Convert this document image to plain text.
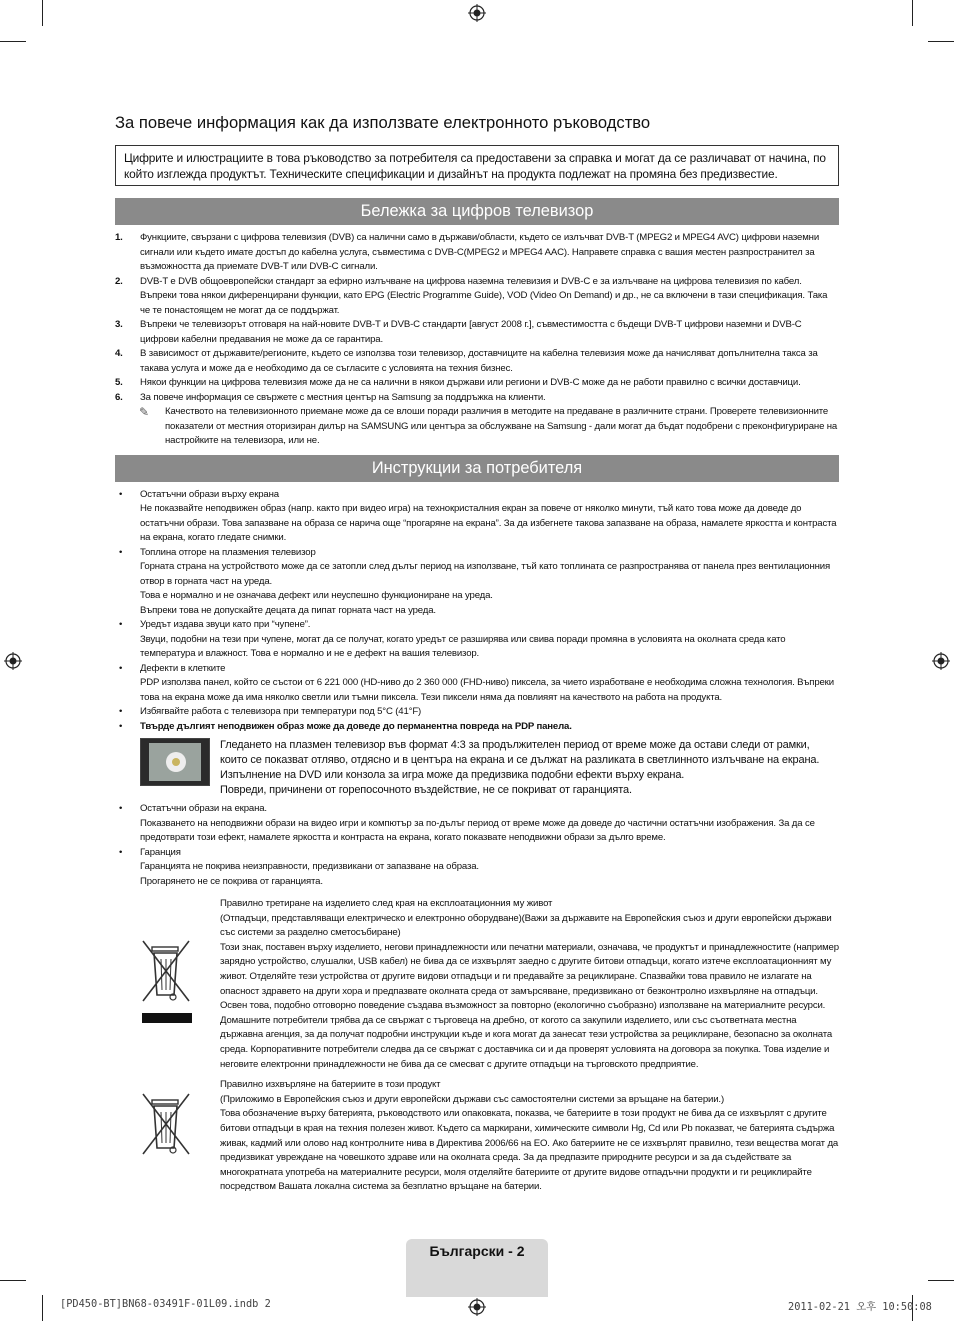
За повече информация как да използвате електронното ръководство
Цифрите и илюстрациите в това ръководство за потребителя са предоставени за справка и могат да се различават от начина, по който изглежда продуктът. Техническите спецификации и дизайнът на продукта подлежат на промяна без предизвестие.
Бележка за цифров телевизор
1. Функциите, свързани с цифрова телевизия (DVB) са налични само в държави/области, където се излъчват DVB-T (MPEG2 и MPEG4 AVC) цифрови наземни сигнали или където имате достъп до кабелна услуга, съвместима с DVB-C(MPEG2 и MPEG4 AAC). Направете справка с вашия местен разпространител за възможността да приемате DVB-T или DVB-C сигнали.
2. DVB-T е DVB общоевропейски стандарт за ефирно излъчване на цифрова наземна телевизия и DVB-C е за излъчване на цифрова телевизия по кабел. Въпреки това някои диференцирани функции, като EPG (Electric Programme Guide), VOD (Video On Demand) и др., не са включени в тази спецификация. Така че те понастоящем не могат да се поддържат.
3. Въпреки че телевизорът отговаря на най-новите DVB-T и DVB-C стандарти [август 2008 г.], съвместимостта с бъдещи DVB-T цифрови наземни и DVB-C цифрови кабелни предавания не може да се гарантира.
4. В зависимост от държавите/регионите, където се използва този телевизор, доставчиците на кабелна телевизия може да начисляват допълнителна такса за такава услуга и може да е необходимо да се съгласите с условията на техния бизнес.
5. Някои функции на цифрова телевизия може да не са налични в някои държави или региони и DVB-C може да не работи правилно с всички доставчици.
6. За повече информация се свържете с местния център на Samsung за поддръжка на клиенти.
✎ Качеството на телевизионното приемане може да се влоши поради различия в методите на предаване в различните страни. Проверете телевизионните показатели от местния оторизиран дилър на SAMSUNG или центъра за обслужване на Samsung - дали могат да бъдат подобрени с преконфигуриране на настройките на телевизора, или не.
Инструкции за потребителя
• Остатъчни образи върху екрана
Не показвайте неподвижен образ (напр. както при видео игра) на технокристалния екран за повече от няколко минути, тъй като това може да доведе до остатъчни образи. Това запазване на образа се нарича още “прогаряне на екрана”. За да избегнете такова запазване на образа, намалете яркостта и контраста на екрана, когато гледате снимки.
• Топлина отгоре на плазмения телевизор
Горната страна на устройството може да се затопли след дълъг период на използване, тъй като топлината се разпространява от панела през вентилационния отвор в горната част на уреда.
Това е нормално и не означава дефект или неуспешно функциониране на уреда.
Въпреки това не допускайте децата да пипат горната част на уреда.
• Уредът издава звуци като при “чупене”.
Звуци, подобни на тези при чупене, могат да се получат, когато уредът се разширява или свива поради промяна в условията на околната среда като температура и влажност. Това е нормално и не е дефект на вашия телевизор.
• Дефекти в клетките
PDP използва панел, който се състои от 6 221 000 (HD-ниво до 2 360 000 (FHD-ниво) пиксела, за чието изработване е необходима сложна технология. Въпреки това на екрана може да има няколко светли или тъмни пиксела. Тези пиксели няма да повлияят на качеството на работа на продукта.
• Избягвайте работа с телевизора при температури под 5°C (41°F)
• Твърде дългият неподвижен образ може да доведе до перманентна повреда на PDP панела.
Гледането на плазмен телевизор във формат 4:3 за продължителен период от време може да остави следи от рамки, които се показват отляво, отдясно и в центъра на екрана и се дължат на разликата в светлинното излъчване на екрана. Изпълнение на DVD или конзола за игра може да предизвика подобни ефекти върху екрана.
Повреди, причинени от горепосочното въздействие, не се покриват от гаранцията.
• Остатъчни образи на екрана.
Показването на неподвижни образи на видео игри и компютър за по-дълъг период от време може да доведе до частични остатъчни изображения. За да се предотврати този ефект, намалете яркостта и контраста на екрана, когато показвате неподвижни образи за дълго време.
• Гаранция
Гаранцията не покрива неизправности, предизвикани от запазване на образа.
Прогарянето не се покрива от гаранцията.
Правилно третиране на изделието след края на експлоатационния му живот
(Отпадъци, представляващи електрическо и електронно оборудване)(Важи за държавите на Европейския съюз и други европейски държави със системи за разделно сметосъбиране)
Този знак, поставен върху изделието, негови принадлежности или печатни материали, означава, че продуктът и принадлежностите (например зарядно устройство, слушалки, USB кабел) не бива да се изхвърлят заедно с другите битови отпадъци, когато изтече експлоатационният му живот. Отделяйте тези устройства от другите видови отпадъци и ги предавайте за рециклиране. Спазвайки това правило не излагате на опасност здравето на други хора и предпазвате околната среда от замърсяване, предизвикано от безконтролно изхвърляне на отпадъци. Освен това, подобно отговорно поведение създава възможност за повторно (екологично съобразно) използване на материалните ресурси. Домашните потребители трябва да се свържат с търговеца на дребно, от когото са закупили изделието, или със съответната местна държавна агенция, за да получат подробни инструкции къде и кога могат да занесат тези устройства за рециклиране, безопасно за околната среда. Корпоративните потребители следва да се свържат с доставчика си и да проверят условията на договора за покупка. Това изделие и неговите електронни принадлежности не бива да се смесват с другите отпадъци на търговското предприятие.
Правилно изхвърляне на батериите в този продукт
(Приложимо в Европейския съюз и други европейски държави със самостоятелни системи за връщане на батерии.)
Това обозначение върху батерията, ръководството или опаковката, показва, че батериите в този продукт не бива да се изхвърлят с другите битови отпадъци в края на техния полезен живот. Където са маркирани, химическите символи Hg, Cd или Pb показват, че батерията съдържа живак, кадмий или олово над контролните нива в Директива 2006/66 на ЕО. Ако батериите не се изхвърлят правилно, тези вещества могат да предизвикат увреждане на човешкото здраве или на околната среда. За да предпазите природните ресурси и за да съдействате за многократната употреба на материалните ресурси, моля отделяйте батериите от другите видове отпадъчни продукти и ги рециклирайте посредством Вашата локална система за безплатно връщане на батерии.
Български - 2
[PD450-BT]BN68-03491F-01L09.indb 2	2011-02-21 오후 10:50:08
